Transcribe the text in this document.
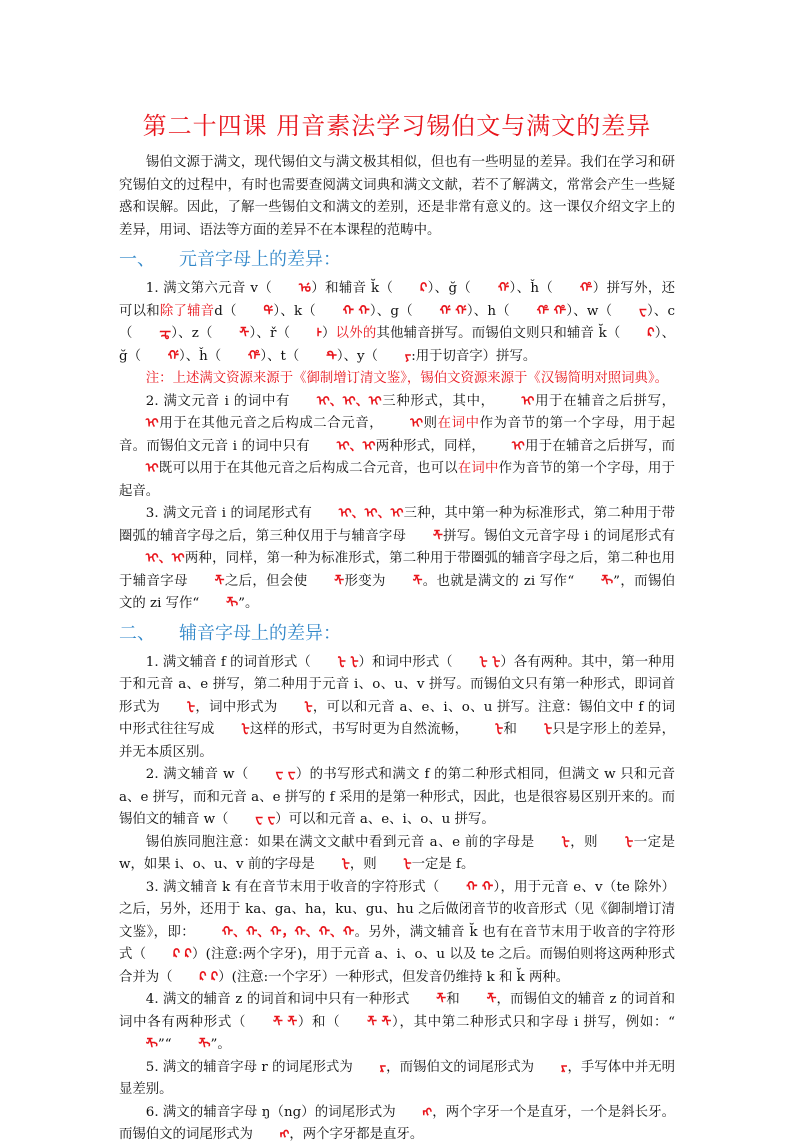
第二十四课 用音素法学习锡伯文与满文的差异

锡伯文源于满文，现代锡伯文与满文极其相似，但也有一些明显的差异。我们在学习和研究锡伯文的过程中，有时也需要查阅满文词典和满文文献，若不了解满文，常常会产生一些疑惑和误解。因此，了解一些锡伯文和满文的差别，还是非常有意义的。这一课仅介绍文字上的差异，用词、语法等方面的差异不在本课程的范畴中。

一、 元音字母上的差异：

1. 满文第六元音 v（ ᡠ）和辅音 k̆（ ᠺ）、ğ（ ᡤ）、ȟ（ ᡥ）拼写外，还可以和除了辅音d（ ᡩ）、k（ ᡴ ᡴ）、g（ ᡤ ᡤ）、h（ ᡥ ᡥ）、w（ ᠸ）、c（ ᠼ）、z（ ᡯ）、ř（ ᡰ）以外的其他辅音拼写。而锡伯文则只和辅音 k̆（ ᠺ）、ğ（ ᡤ）、ȟ（ ᡥ）、t（ ᡨ）、y（ ᠶ:用于切音字）拼写。

注：上述满文资源来源于《御制增订清文鉴》，锡伯文资源来源于《汉锡简明对照词典》。

2. 满文元音 i 的词中有 ᡳ、ᡳ、ᡳ三种形式，其中， ᡳ用于在辅音之后拼写，ᡳ用于在其他元音之后构成二合元音， ᡳ则在词中作为音节的第一个字母，用于起音。而锡伯文元音 i 的词中只有 ᡳ、ᡳ两种形式，同样， ᡳ用于在辅音之后拼写，而ᡳ既可以用于在其他元音之后构成二合元音，也可以在词中作为音节的第一个字母，用于起音。

3. 满文元音 i 的词尾形式有 ᡳ、ᡳ、ᡳ三种，其中第一种为标准形式，第二种用于带圈弧的辅音字母之后，第三种仅用于与辅音字母 ᡯ拼写。锡伯文元音字母 i 的词尾形式有ᡳ、ᡳ两种，同样，第一种为标准形式，第二种用于带圈弧的辅音字母之后，第二种也用于辅音字母 ᡯ之后，但会使 ᡯ形变为 ᡯ。也就是满文的 zi 写作“ ᡯᡳ”，而锡伯文的 zi 写作“ ᡯᡳ”。

二、 辅音字母上的差异：

1. 满文辅音 f 的词首形式（ ᡶ ᡶ）和词中形式（ ᡶ ᡶ）各有两种。其中，第一种用于和元音 a、e 拼写，第二种用于元音 i、o、u、v 拼写。而锡伯文只有第一种形式，即词首形式为 ᡶ，词中形式为 ᡶ，可以和元音 a、e、i、o、u 拼写。注意：锡伯文中 f 的词中形式往往写成 ᡶ这样的形式，书写时更为自然流畅， ᡶ和 ᡶ只是字形上的差异，并无本质区别。

2. 满文辅音 w（ ᠸ ᠸ）的书写形式和满文 f 的第二种形式相同，但满文 w 只和元音 a、e 拼写，而和元音 a、e 拼写的 f 采用的是第一种形式，因此，也是很容易区别开来的。而锡伯文的辅音 w（ ᠸ ᠸ）可以和元音 a、e、i、o、u 拼写。

锡伯族同胞注意：如果在满文文献中看到元音 a、e 前的字母是 ᡶ，则 ᡶ一定是 w，如果 i、o、u、v 前的字母是 ᡶ，则 ᡶ一定是 f。

3. 满文辅音 k 有在音节末用于收音的字符形式（ ᡴ ᡴ），用于元音 e、v（te 除外）之后，另外，还用于 ka、ga、ha，ku、gu、hu 之后做闭音节的收音形式（见《御制增订清文鉴》，即： ᡴ、ᡴ、ᡴ，ᡴ、ᡴ、ᡴ。另外，满文辅音 k̆ 也有在音节末用于收音的字符形式（ ᠺ ᠺ）(注意:两个字牙)，用于元音 a、i、o、u 以及 te 之后。而锡伯则将这两种形式合并为（ ᠺ ᠺ）(注意:一个字牙）一种形式，但发音仍维持 k 和 k̆ 两种。

4. 满文的辅音 z 的词首和词中只有一种形式 ᡯ和 ᡯ，而锡伯文的辅音 z 的词首和词中各有两种形式（ ᡯ ᡯ）和（ ᡯ ᡯ），其中第二种形式只和字母 i 拼写，例如：“ᡯᡳ”“ ᡯᡳ”。

5. 满文的辅音字母 r 的词尾形式为 ᡵ，而锡伯文的词尾形式为 ᡵ，手写体中并无明显差别。

6. 满文的辅音字母 ŋ（ng）的词尾形式为 ᠩ，两个字牙一个是直牙，一个是斜长牙。而锡伯文的词尾形式为 ᠩ，两个字牙都是直牙。
